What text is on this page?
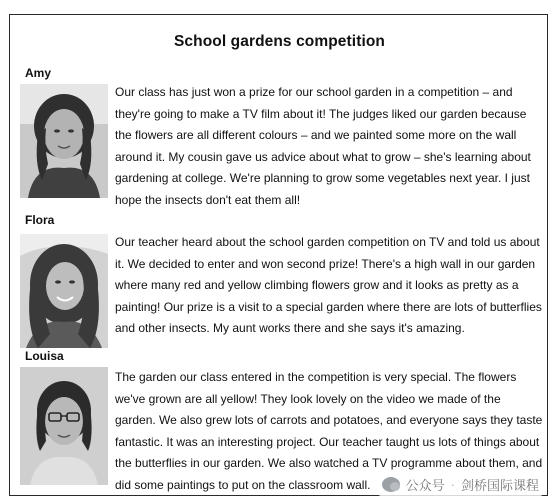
School gardens competition
Amy
Our class has just won a prize for our school garden in a competition – and they're going to make a TV film about it! The judges liked our garden because the flowers are all different colours – and we painted some more on the wall around it. My cousin gave us advice about what to grow – she's learning about gardening at college. We're planning to grow some vegetables next year. I just hope the insects don't eat them all!
Flora
Our teacher heard about the school garden competition on TV and told us about it. We decided to enter and won second prize! There's a high wall in our garden where many red and yellow climbing flowers grow and it looks as pretty as a painting! Our prize is a visit to a special garden where there are lots of butterflies and other insects. My aunt works there and she says it's amazing.
Louisa
The garden our class entered in the competition is very special. The flowers we've grown are all yellow! They look lovely on the video we made of the garden. We also grew lots of carrots and potatoes, and everyone says they taste fantastic. It was an interesting project. Our teacher taught us lots of things about the butterflies in our garden. We also watched a TV programme about them, and did some paintings to put on the classroom wall.	公众号 · 剑桥国际课程
